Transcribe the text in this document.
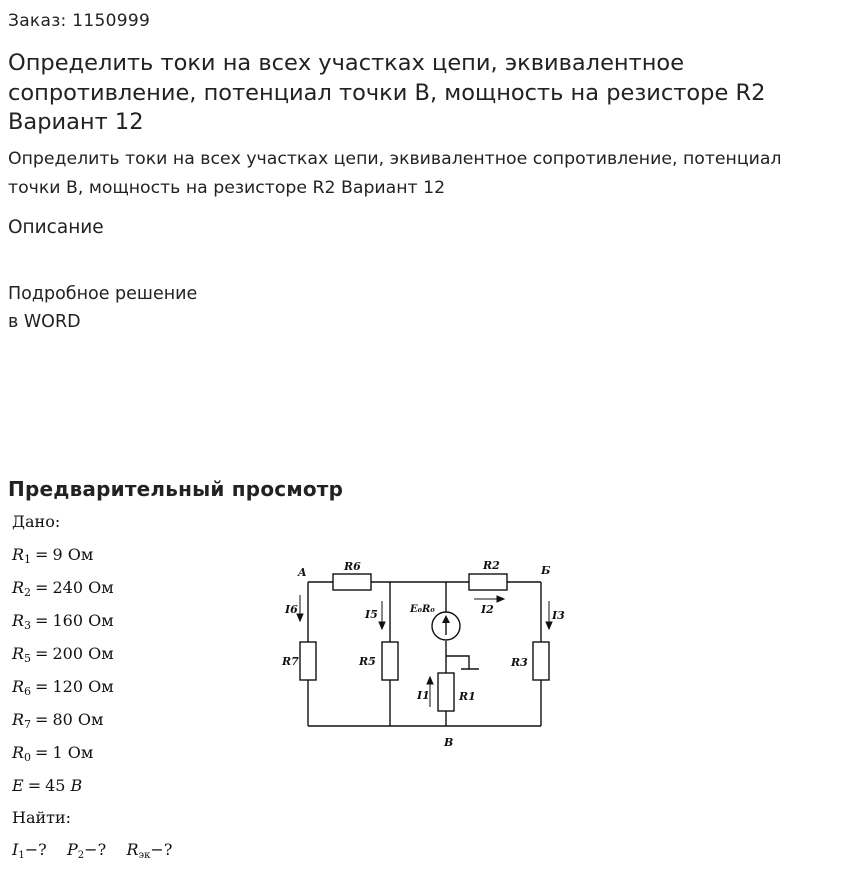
Заказ: 1150999
Определить токи на всех участках цепи, эквивалентное сопротивление, потенциал точки В, мощность на резисторе R2 Вариант 12
Определить токи на всех участках цепи, эквивалентное сопротивление, потенциал точки В, мощность на резисторе R2 Вариант 12
Описание
Подробное решение
в WORD
Предварительный просмотр
Дано:
$R_1 = 9$ Ом
$R_2 = 240$ Ом
$R_3 = 160$ Ом
$R_5 = 200$ Ом
$R_6 = 120$ Ом
$R_7 = 80$ Ом
$R_0 = 1$ Ом
E = 45 В
Найти:
$I_1-$? $P_2-$? $R_{эк}-$?
A	R6	R2	Б
I6	I5	E₀R₀	I2	I3
R7	R5	R3
I1	R1
В
